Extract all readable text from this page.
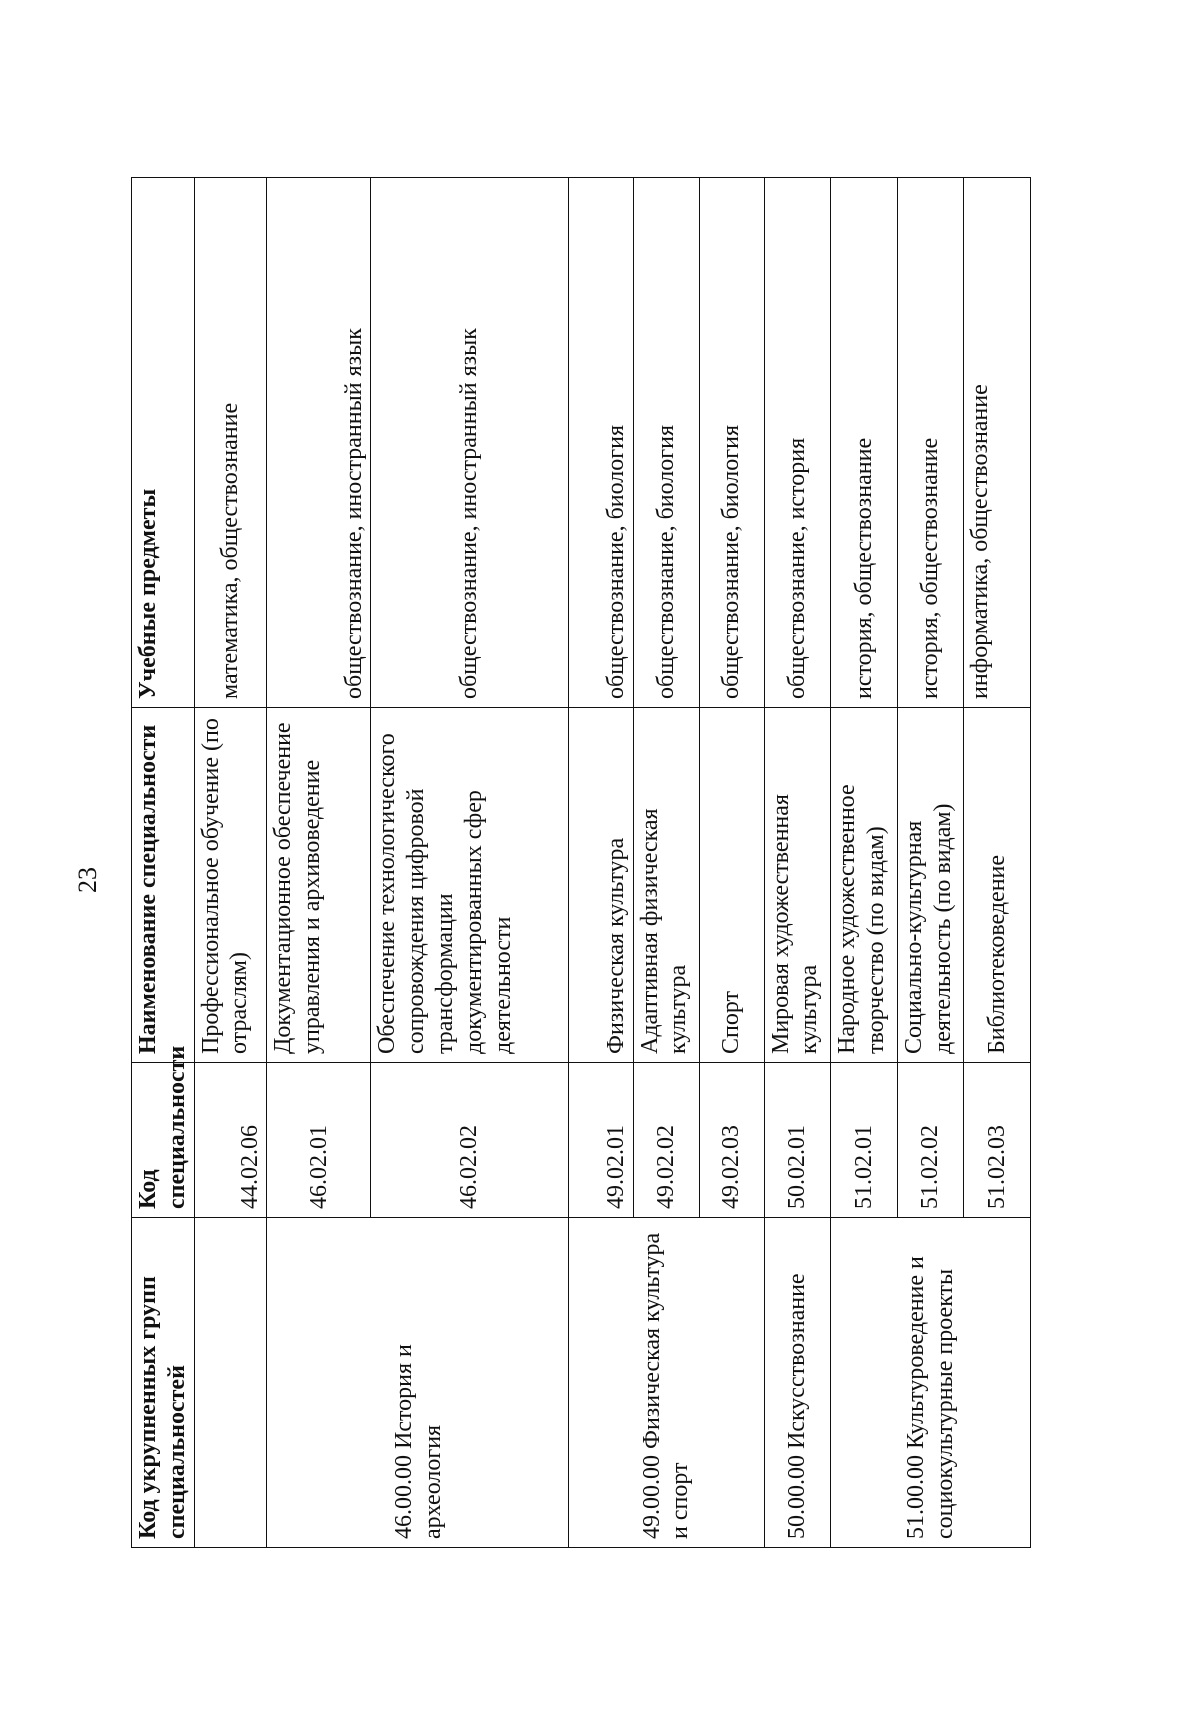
23
Код укрупненных групп специальностей	Код специальности	Наименование специальности	Учебные предметы
	44.02.06	Профессиональное обучение (по отраслям)	математика, обществознание
46.00.00 История и археология	46.02.01	Документационное обеспечение управления и архивоведение	обществознание, иностранный язык
	46.02.02	Обеспечение технологического сопровождения цифровой трансформации документированных сфер деятельности	обществознание, иностранный язык
49.00.00 Физическая культура и спорт	49.02.01	Физическая культура	обществознание, биология
	49.02.02	Адаптивная физическая культура	обществознание, биология
	49.02.03	Спорт	обществознание, биология
50.00.00 Искусствознание	50.02.01	Мировая художественная культура	обществознание, история
51.00.00 Культуроведение и социокультурные проекты	51.02.01	Народное художественное творчество (по видам)	история, обществознание
	51.02.02	Социально-культурная деятельность (по видам)	история, обществознание
	51.02.03	Библиотековедение	информатика, обществознание
